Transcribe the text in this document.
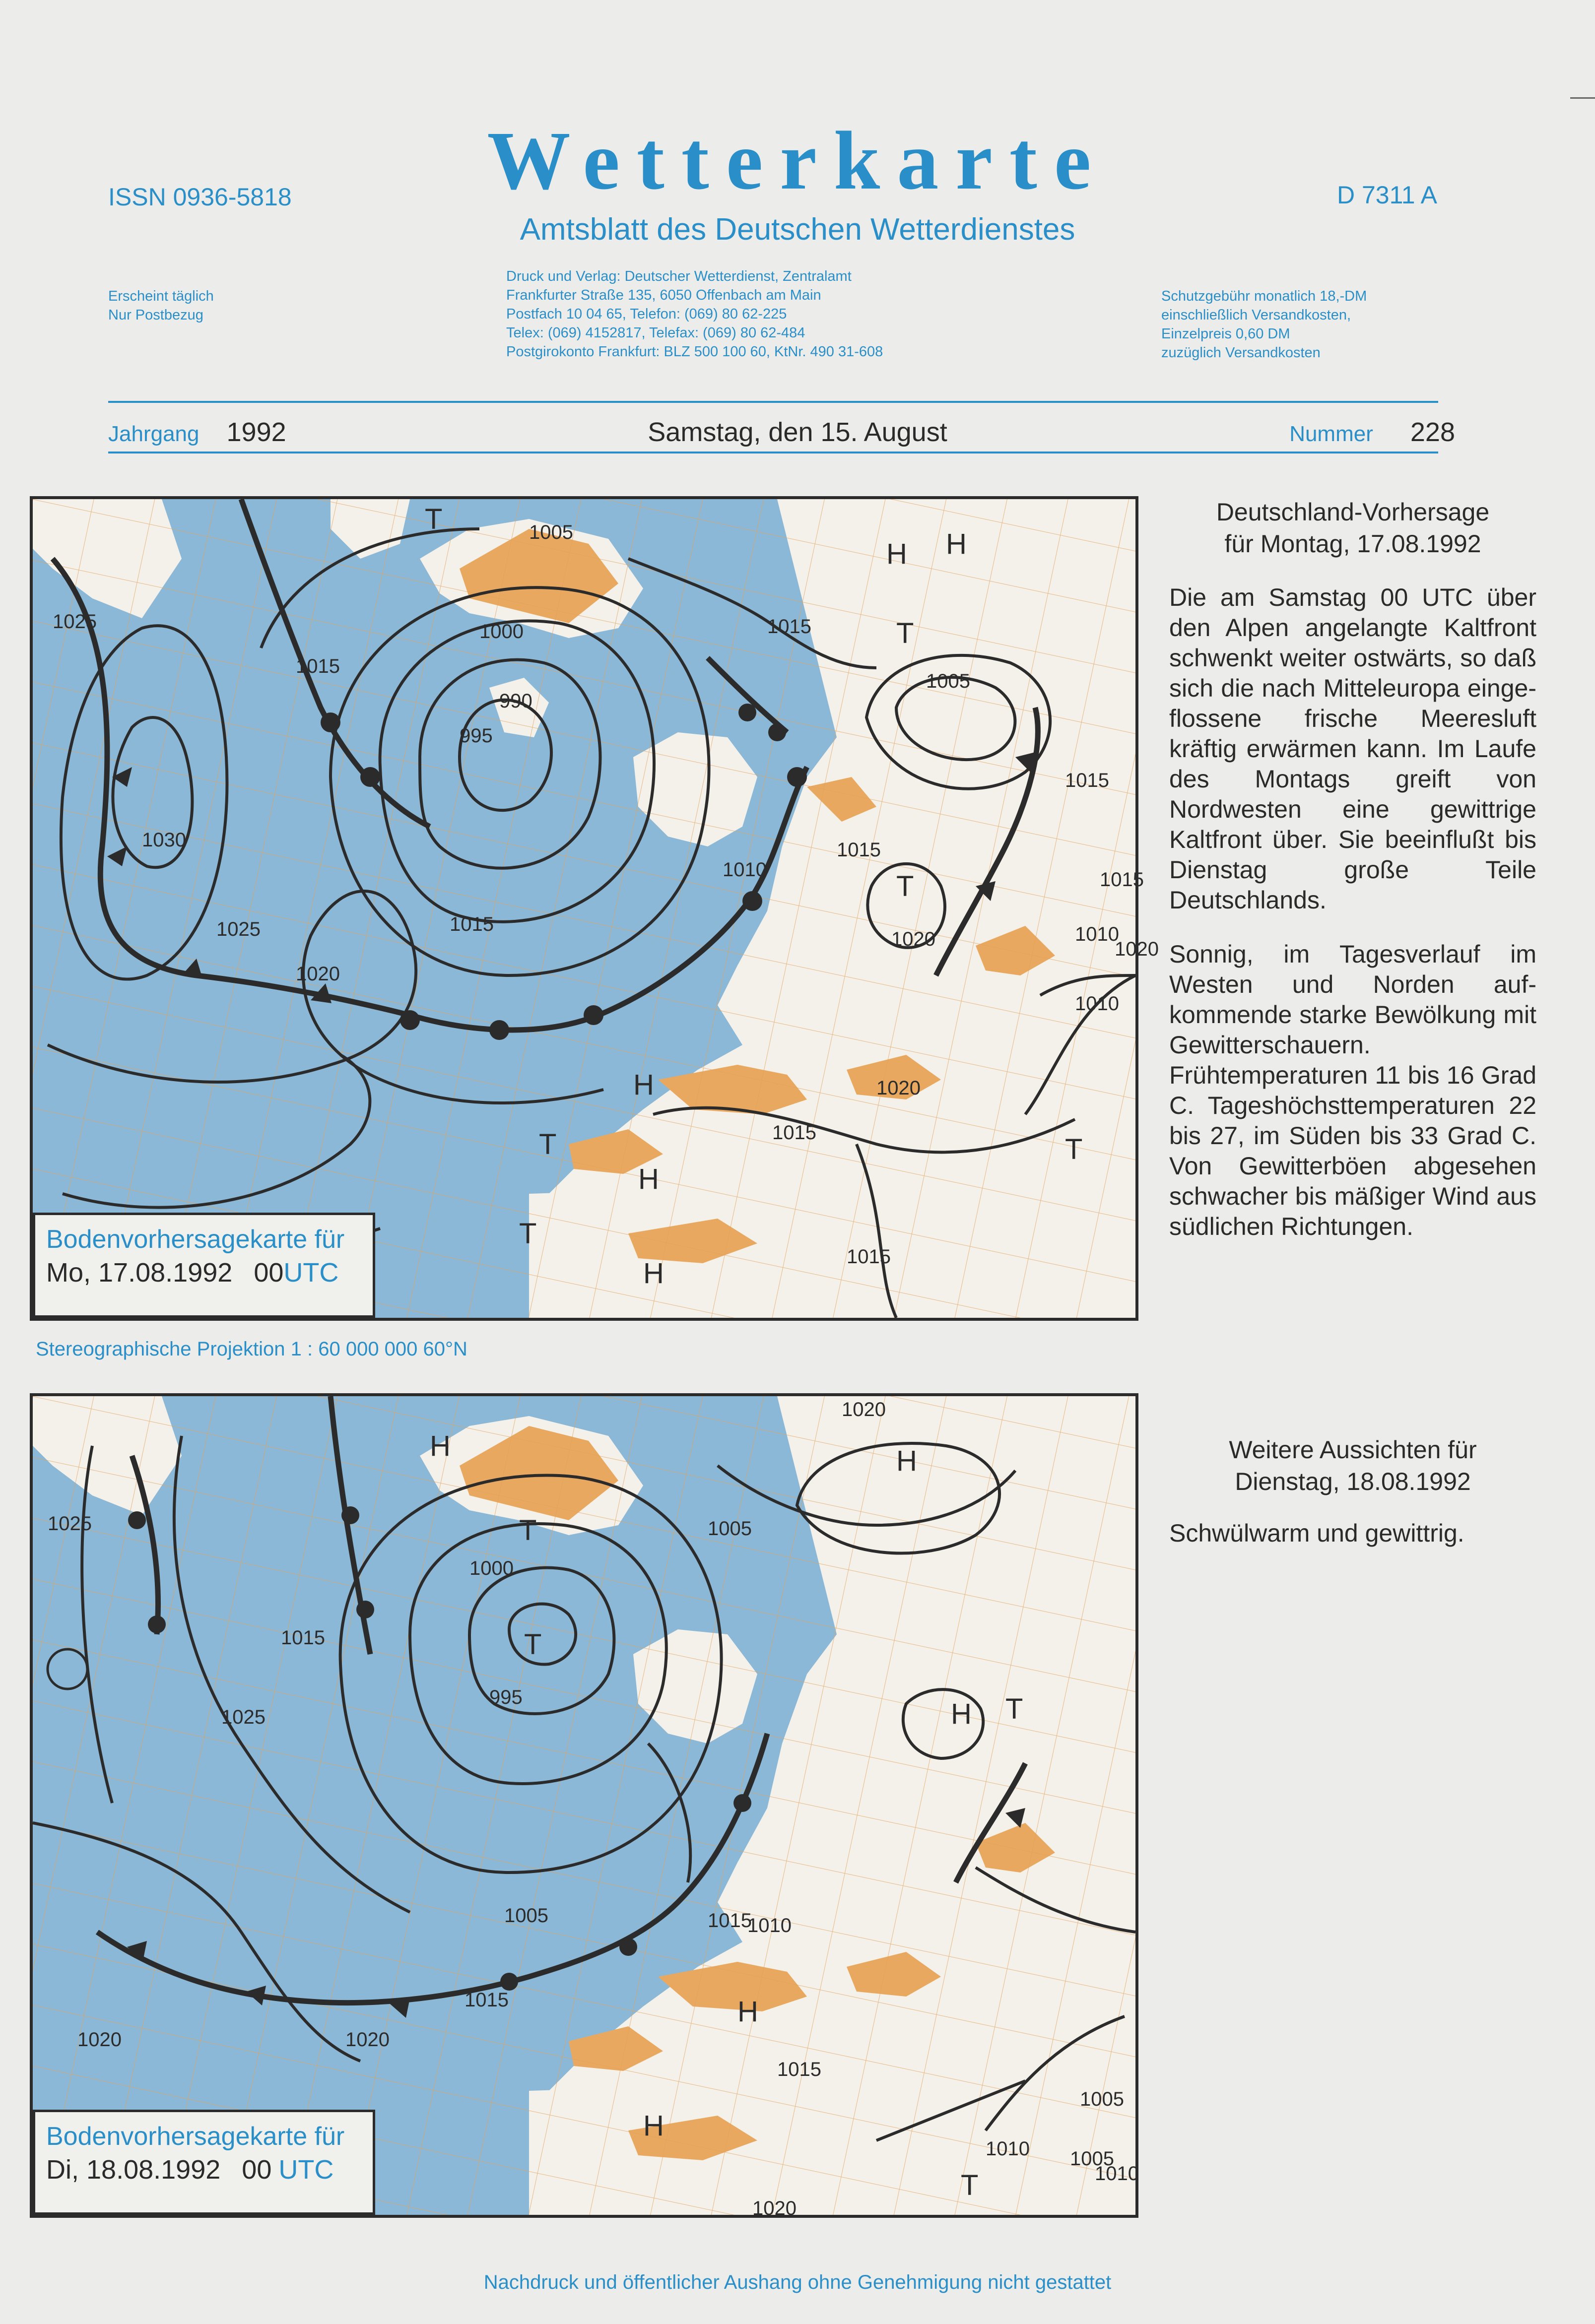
ISSN 0936-5818	Wetterkarte	D 7311 A
Amtsblatt des Deutschen Wetterdienstes
Erscheint täglich
Nur Postbezug
Druck und Verlag: Deutscher Wetterdienst, Zentralamt
Frankfurter Straße 135, 6050 Offenbach am Main
Postfach 10 04 65, Telefon: (069) 80 62-225
Telex: (069) 4152817, Telefax: (069) 80 62-484
Postgirokonto Frankfurt: BLZ 500 100 60, KtNr. 490 31-608
Schutzgebühr monatlich 18,-DM
einschließlich Versandkosten,
Einzelpreis 0,60 DM
zuzüglich Versandkosten
Jahrgang 1992	Samstag, den 15. August	Nummer 228
1005
T
H
1025
1015
995
990
1000
1030
1020
1010
1015
1025	1020
1015
1015
1015
1010
1020
1005
H
T
T
H
H
T
1015
T
H
T
1015
1015
1020
1010
Bodenvorhersagekarte für
Mo, 17.08.1992 00UTC
Stereographische Projektion 1 : 60 000 000 60°N
1020
1025
H
1015
1025
1000
995
T
1005
1015
1020
1015
1010
1020
1005
1010
1020
H
T
H T
H
H
T
1015
1010 1005
1005
Bodenvorhersagekarte für
Di, 18.08.1992 00 UTC
Deutschland-Vorhersage
für Montag, 17.08.1992
Die am Samstag 00 UTC über den Alpen angelangte Kaltfront schwenkt weiter ostwärts, so daß sich die nach Mitteleuropa eingeflossene frische Meeresluft kräftig erwärmen kann. Im Laufe des Montags greift von Nordwesten eine gewittrige Kaltfront über. Sie beeinflußt bis Dienstag große Teile Deutschlands.
Sonnig, im Tagesverlauf im Westen und Norden aufkommende starke Bewölkung mit Gewitterschauern. Frühtemperaturen 11 bis 16 Grad C. Tageshöchsttemperaturen 22 bis 27, im Süden bis 33 Grad C. Von Gewitterböen abgesehen schwacher bis mäßiger Wind aus südlichen Richtungen.
Weitere Aussichten für
Dienstag, 18.08.1992
Schwülwarm und gewittrig.
Nachdruck und öffentlicher Aushang ohne Genehmigung nicht gestattet
